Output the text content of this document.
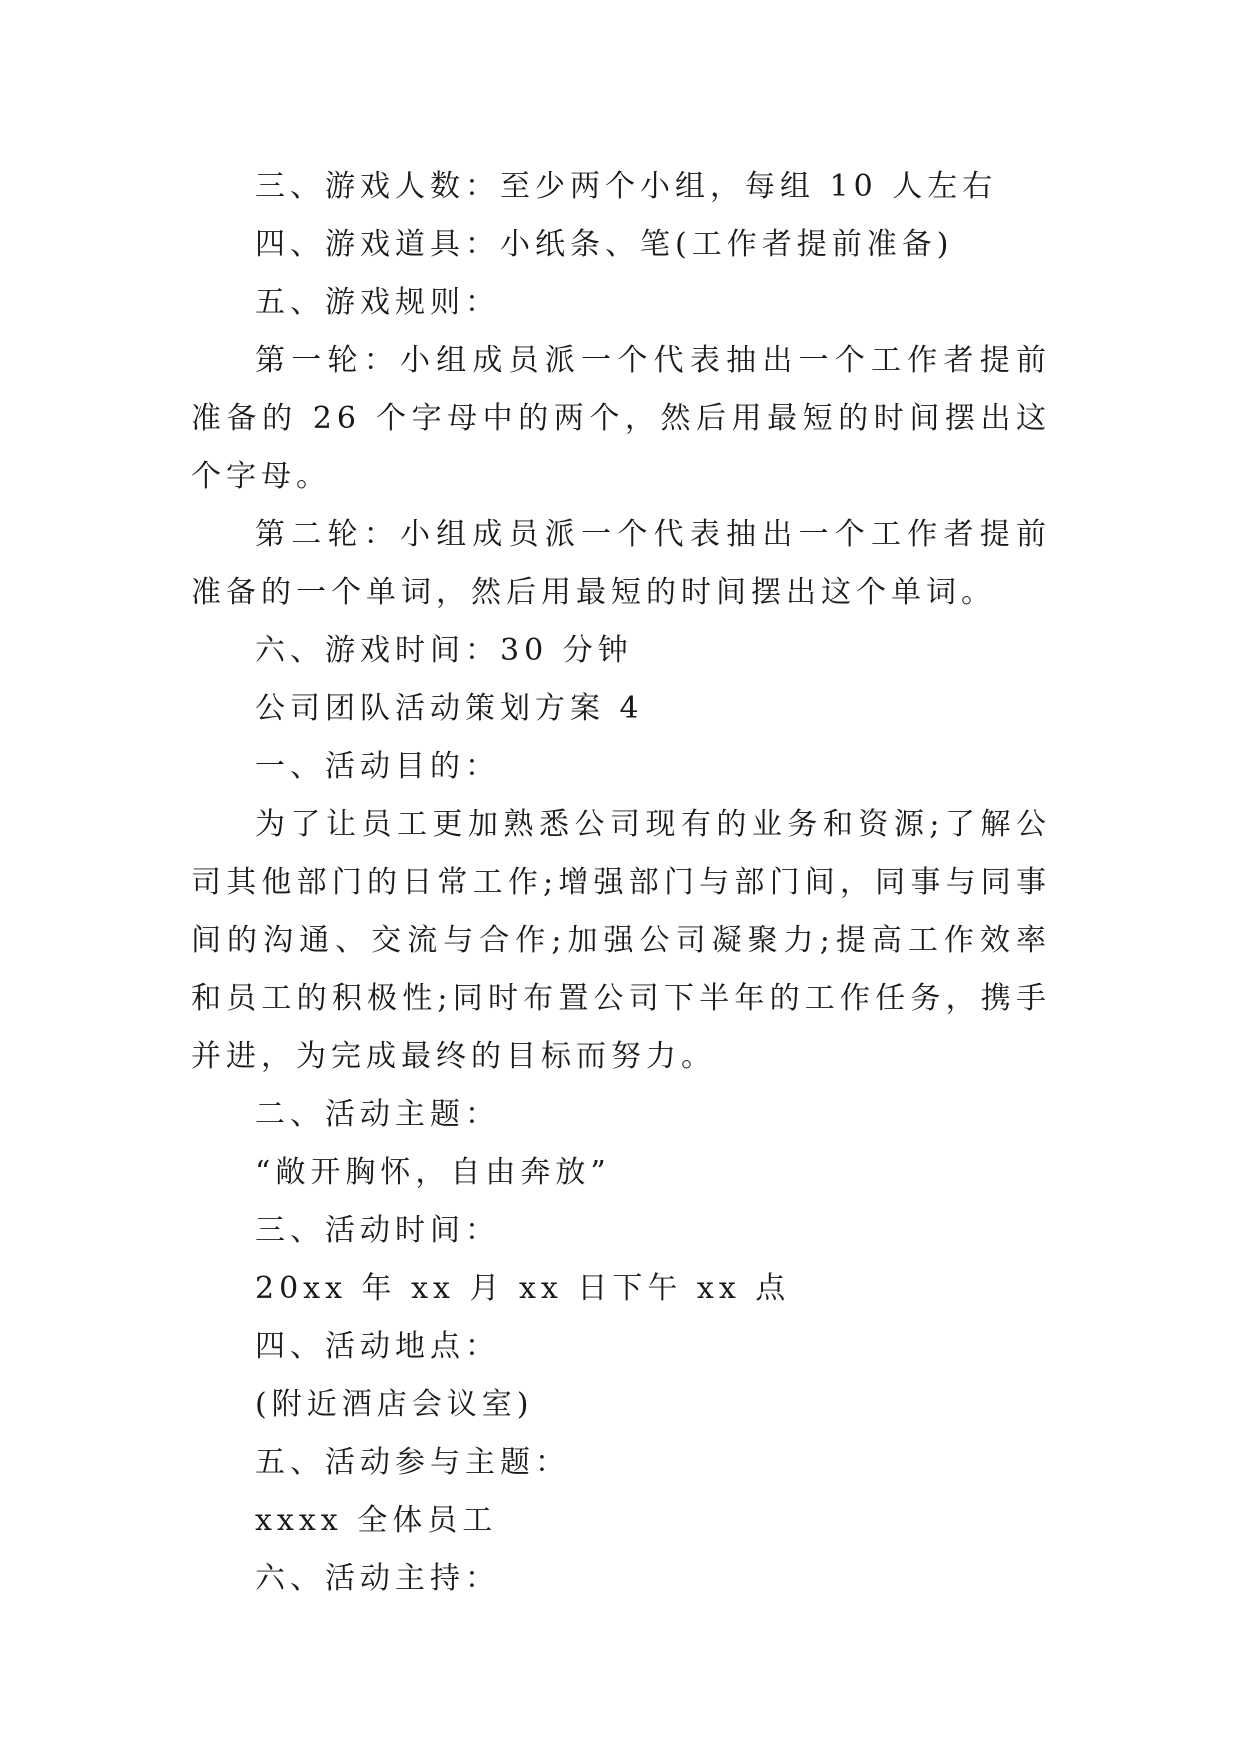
三、游戏人数：至少两个小组，每组 10 人左右

四、游戏道具：小纸条、笔(工作者提前准备)

五、游戏规则：

第一轮：小组成员派一个代表抽出一个工作者提前准备的 26 个字母中的两个，然后用最短的时间摆出这个字母。

第二轮：小组成员派一个代表抽出一个工作者提前准备的一个单词，然后用最短的时间摆出这个单词。

六、游戏时间：30 分钟

公司团队活动策划方案 4

一、活动目的：

为了让员工更加熟悉公司现有的业务和资源;了解公司其他部门的日常工作;增强部门与部门间，同事与同事间的沟通、交流与合作;加强公司凝聚力;提高工作效率和员工的积极性;同时布置公司下半年的工作任务，携手并进，为完成最终的目标而努力。

二、活动主题：

“敞开胸怀，自由奔放”

三、活动时间：

20xx 年 xx 月 xx 日下午 xx 点

四、活动地点：

(附近酒店会议室)

五、活动参与主题：

xxxx 全体员工

六、活动主持：
